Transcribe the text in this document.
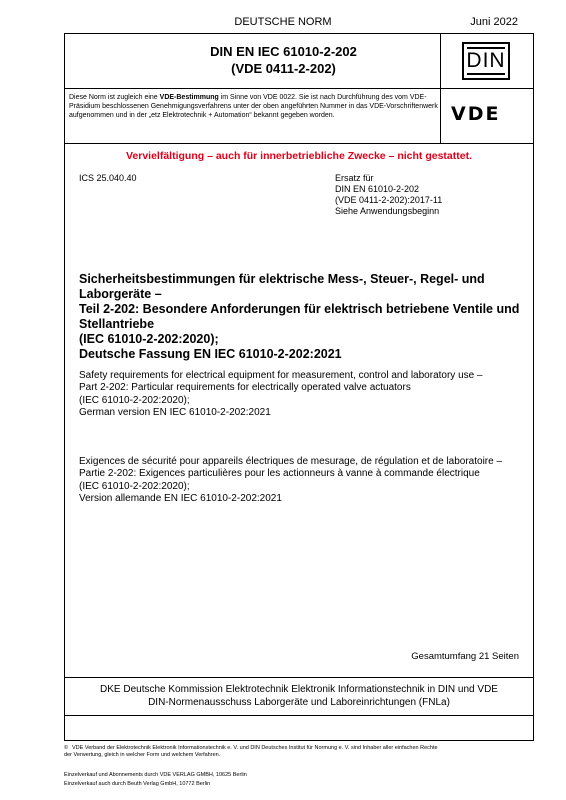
DEUTSCHE NORM	Juni 2022
DIN EN IEC 61010-2-202
(VDE 0411-2-202)	DIN
Diese Norm ist zugleich eine VDE-Bestimmung im Sinne von VDE 0022. Sie ist nach Durchführung des vom VDE-Präsidium beschlossenen Genehmigungsverfahrens unter der oben angeführten Nummer in das VDE-Vorschriftenwerk aufgenommen und in der „etz Elektrotechnik + Automation“ bekannt gegeben worden.	VDE
Vervielfältigung – auch für innerbetriebliche Zwecke – nicht gestattet.
ICS 25.040.40	Ersatz für
DIN EN 61010-2-202
(VDE 0411-2-202):2017-11
Siehe Anwendungsbeginn
Sicherheitsbestimmungen für elektrische Mess-, Steuer-, Regel- und Laborgeräte –
Teil 2-202: Besondere Anforderungen für elektrisch betriebene Ventile und Stellantriebe
(IEC 61010-2-202:2020);
Deutsche Fassung EN IEC 61010-2-202:2021
Safety requirements for electrical equipment for measurement, control and laboratory use –
Part 2-202: Particular requirements for electrically operated valve actuators
(IEC 61010-2-202:2020);
German version EN IEC 61010-2-202:2021
Exigences de sécurité pour appareils électriques de mesurage, de régulation et de laboratoire –
Partie 2-202: Exigences particulières pour les actionneurs à vanne à commande électrique
(IEC 61010-2-202:2020);
Version allemande EN IEC 61010-2-202:2021
Gesamtumfang 21 Seiten
DKE Deutsche Kommission Elektrotechnik Elektronik Informationstechnik in DIN und VDE
DIN-Normenausschuss Laborgeräte und Laboreinrichtungen (FNLa)
© VDE Verband der Elektrotechnik Elektronik Informationstechnik e. V. und DIN Deutsches Institut für Normung e. V. sind Inhaber aller einfachen Rechte der Verwertung, gleich in welcher Form und welchem Verfahren.
Einzelverkauf und Abonnements durch VDE VERLAG GMBH, 10625 Berlin
Einzelverkauf auch durch Beuth Verlag GmbH, 10772 Berlin
